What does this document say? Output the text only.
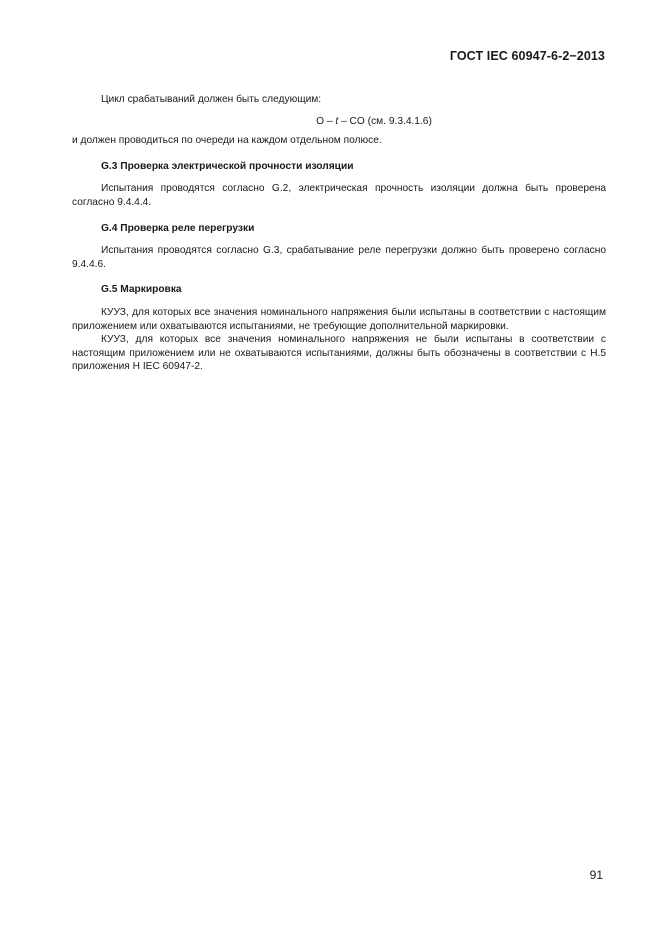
ГОСТ IEC 60947-6-2−2013

Цикл срабатываний должен быть следующим:

O – t – CO (см. 9.3.4.1.6)

и должен проводиться по очереди на каждом отдельном полюсе.

G.3 Проверка электрической прочности изоляции

Испытания проводятся согласно G.2, электрическая прочность изоляции должна быть проверена согласно 9.4.4.4.

G.4 Проверка реле перегрузки

Испытания проводятся согласно G.3, срабатывание реле перегрузки должно быть проверено согласно 9.4.4.6.

G.5 Маркировка

КУУЗ, для которых все значения номинального напряжения были испытаны в соответствии с настоящим приложением или охватываются испытаниями, не требующие дополнительной маркировки.

КУУЗ, для которых все значения номинального напряжения не были испытаны в соответствии с настоящим приложением или не охватываются испытаниями, должны быть обозначены в соответствии с H.5 приложения H IEC 60947-2.

91
